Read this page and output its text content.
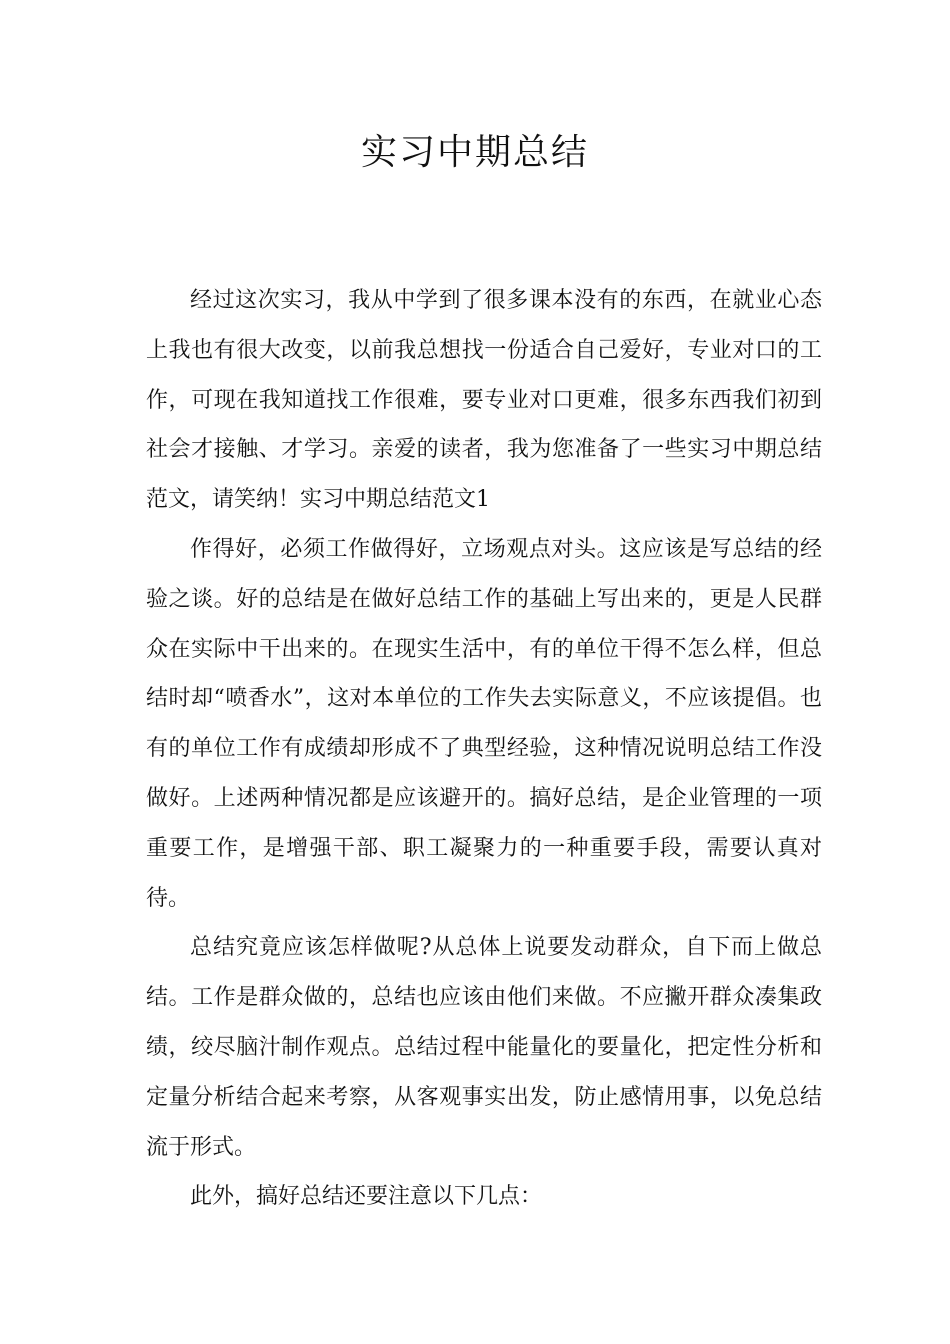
实习中期总结

经过这次实习，我从中学到了很多课本没有的东西，在就业心态上我也有很大改变，以前我总想找一份适合自己爱好，专业对口的工作，可现在我知道找工作很难，要专业对口更难，很多东西我们初到社会才接触、才学习。亲爱的读者，我为您准备了一些实习中期总结范文，请笑纳！实习中期总结范文1

作得好，必须工作做得好，立场观点对头。这应该是写总结的经验之谈。好的总结是在做好总结工作的基础上写出来的，更是人民群众在实际中干出来的。在现实生活中，有的单位干得不怎么样，但总结时却“喷香水”，这对本单位的工作失去实际意义，不应该提倡。也有的单位工作有成绩却形成不了典型经验，这种情况说明总结工作没做好。上述两种情况都是应该避开的。搞好总结，是企业管理的一项重要工作，是增强干部、职工凝聚力的一种重要手段，需要认真对待。

总结究竟应该怎样做呢?从总体上说要发动群众，自下而上做总结。工作是群众做的，总结也应该由他们来做。不应撇开群众凑集政绩，绞尽脑汁制作观点。总结过程中能量化的要量化，把定性分析和定量分析结合起来考察，从客观事实出发，防止感情用事，以免总结流于形式。

此外，搞好总结还要注意以下几点：
